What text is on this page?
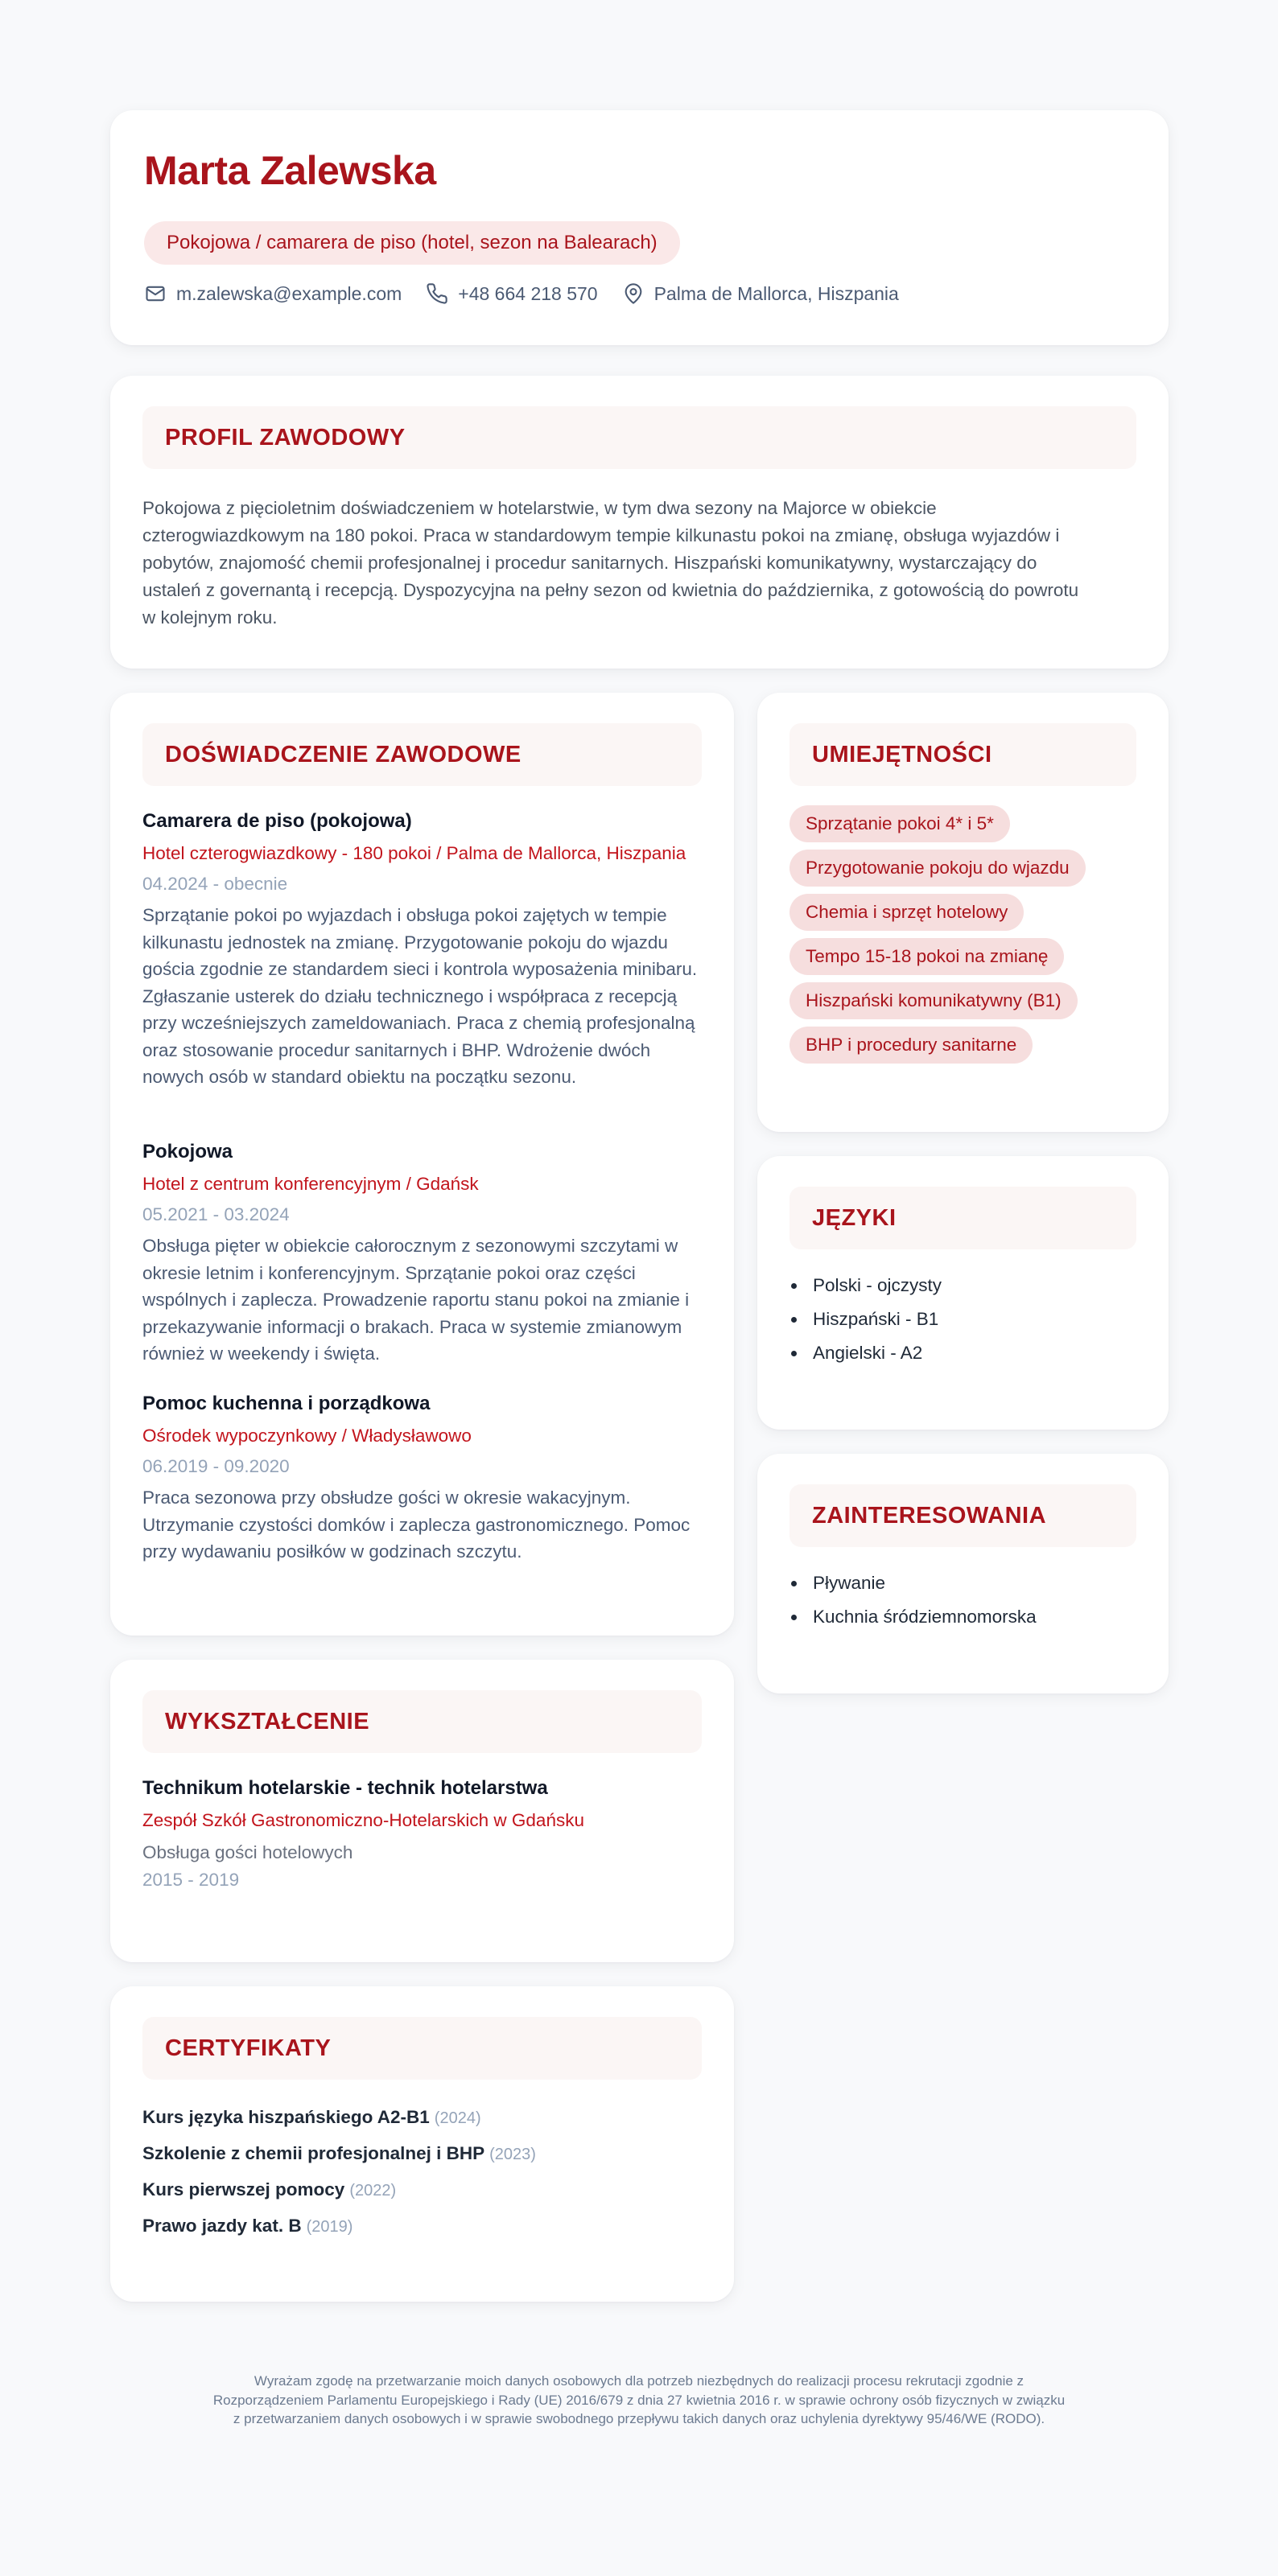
Marta Zalewska
Pokojowa / camarera de piso (hotel, sezon na Balearach)
m.zalewska@example.com	+48 664 218 570	Palma de Mallorca, Hiszpania
PROFIL ZAWODOWY

Pokojowa z pięcioletnim doświadczeniem w hotelarstwie, w tym dwa sezony na Majorce w obiekcie czterogwiazdkowym na 180 pokoi. Praca w standardowym tempie kilkunastu pokoi na zmianę, obsługa wyjazdów i pobytów, znajomość chemii profesjonalnej i procedur sanitarnych. Hiszpański komunikatywny, wystarczający do ustaleń z governantą i recepcją. Dyspozycyjna na pełny sezon od kwietnia do października, z gotowością do powrotu w kolejnym roku.

DOŚWIADCZENIE ZAWODOWE
Camarera de piso (pokojowa)
Hotel czterogwiazdkowy - 180 pokoi / Palma de Mallorca, Hiszpania
04.2024 - obecnie
Sprzątanie pokoi po wyjazdach i obsługa pokoi zajętych w tempie kilkunastu jednostek na zmianę. Przygotowanie pokoju do wjazdu gościa zgodnie ze standardem sieci i kontrola wyposażenia minibaru. Zgłaszanie usterek do działu technicznego i współpraca z recepcją przy wcześniejszych zameldowaniach. Praca z chemią profesjonalną oraz stosowanie procedur sanitarnych i BHP. Wdrożenie dwóch nowych osób w standard obiektu na początku sezonu.
Pokojowa
Hotel z centrum konferencyjnym / Gdańsk
05.2021 - 03.2024
Obsługa pięter w obiekcie całorocznym z sezonowymi szczytami w okresie letnim i konferencyjnym. Sprzątanie pokoi oraz części wspólnych i zaplecza. Prowadzenie raportu stanu pokoi na zmianie i przekazywanie informacji o brakach. Praca w systemie zmianowym również w weekendy i święta.
Pomoc kuchenna i porządkowa
Ośrodek wypoczynkowy / Władysławowo
06.2019 - 09.2020
Praca sezonowa przy obsłudze gości w okresie wakacyjnym. Utrzymanie czystości domków i zaplecza gastronomicznego. Pomoc przy wydawaniu posiłków w godzinach szczytu.
UMIEJĘTNOŚCI
Sprzątanie pokoi 4* i 5*
Przygotowanie pokoju do wjazdu
Chemia i sprzęt hotelowy
Tempo 15-18 pokoi na zmianę
Hiszpański komunikatywny (B1)
BHP i procedury sanitarne
JĘZYKI
Polski - ojczysty
Hiszpański - B1
Angielski - A2
ZAINTERESOWANIA
Pływanie
Kuchnia śródziemnomorska
WYKSZTAŁCENIE
Technikum hotelarskie - technik hotelarstwa
Zespół Szkół Gastronomiczno-Hotelarskich w Gdańsku
Obsługa gości hotelowych
2015 - 2019
CERTYFIKATY
Kurs języka hiszpańskiego A2-B1 (2024)
Szkolenie z chemii profesjonalnej i BHP (2023)
Kurs pierwszej pomocy (2022)
Prawo jazdy kat. B (2019)

Wyrażam zgodę na przetwarzanie moich danych osobowych dla potrzeb niezbędnych do realizacji procesu rekrutacji zgodnie z Rozporządzeniem Parlamentu Europejskiego i Rady (UE) 2016/679 z dnia 27 kwietnia 2016 r. w sprawie ochrony osób fizycznych w związku z przetwarzaniem danych osobowych i w sprawie swobodnego przepływu takich danych oraz uchylenia dyrektywy 95/46/WE (RODO).
